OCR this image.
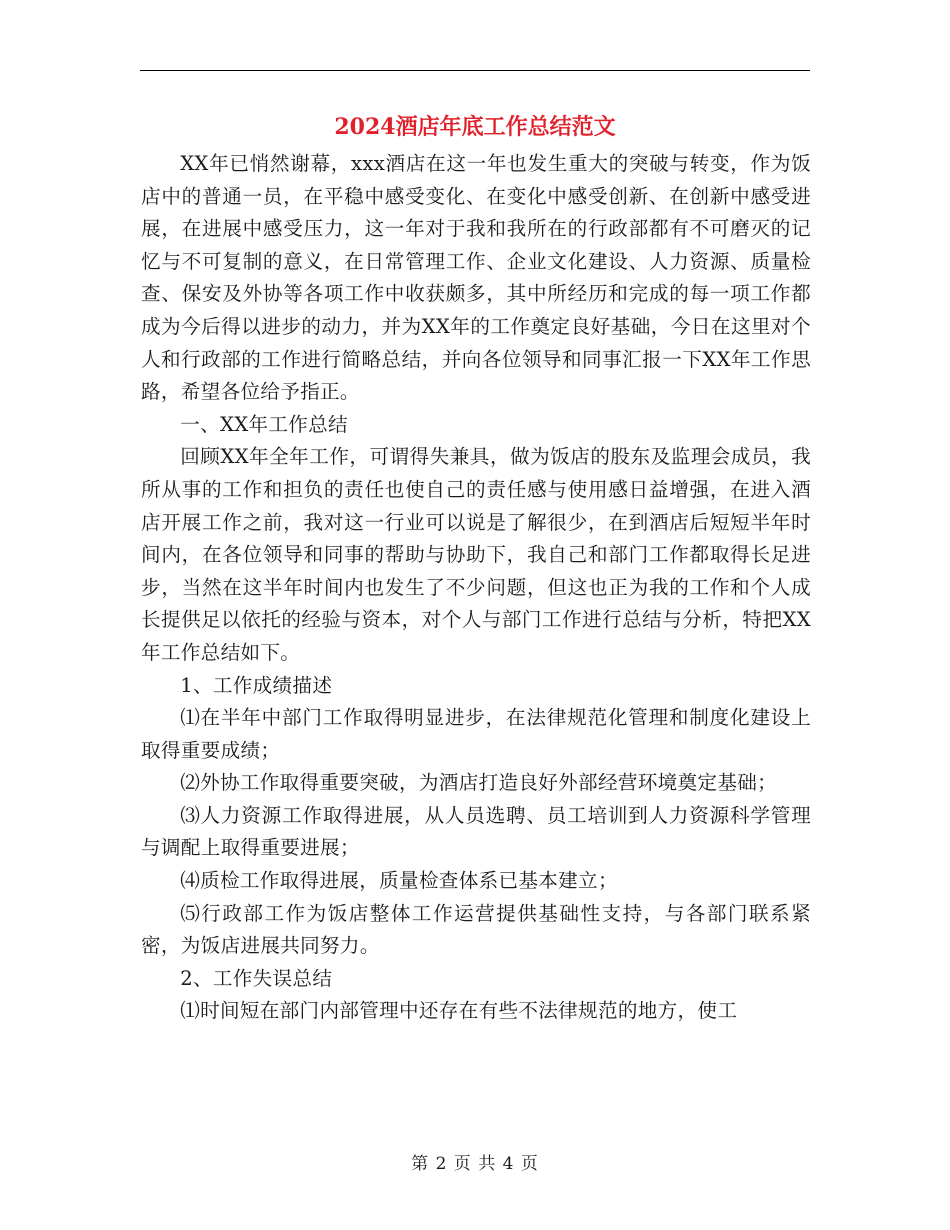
2024酒店年底工作总结范文

XX年已悄然谢幕，xxx酒店在这一年也发生重大的突破与转变，作为饭店中的普通一员，在平稳中感受变化、在变化中感受创新、在创新中感受进展，在进展中感受压力，这一年对于我和我所在的行政部都有不可磨灭的记忆与不可复制的意义，在日常管理工作、企业文化建设、人力资源、质量检查、保安及外协等各项工作中收获颇多，其中所经历和完成的每一项工作都成为今后得以进步的动力，并为XX年的工作奠定良好基础，今日在这里对个人和行政部的工作进行简略总结，并向各位领导和同事汇报一下XX年工作思路，希望各位给予指正。

一、XX年工作总结

回顾XX年全年工作，可谓得失兼具，做为饭店的股东及监理会成员，我所从事的工作和担负的责任也使自己的责任感与使用感日益增强，在进入酒店开展工作之前，我对这一行业可以说是了解很少，在到酒店后短短半年时间内，在各位领导和同事的帮助与协助下，我自己和部门工作都取得长足进步，当然在这半年时间内也发生了不少问题，但这也正为我的工作和个人成长提供足以依托的经验与资本，对个人与部门工作进行总结与分析，特把XX年工作总结如下。

1、工作成绩描述

⑴在半年中部门工作取得明显进步，在法律规范化管理和制度化建设上取得重要成绩；

⑵外协工作取得重要突破，为酒店打造良好外部经营环境奠定基础；

⑶人力资源工作取得进展，从人员选聘、员工培训到人力资源科学管理与调配上取得重要进展；

⑷质检工作取得进展，质量检查体系已基本建立；

⑸行政部工作为饭店整体工作运营提供基础性支持，与各部门联系紧密，为饭店进展共同努力。

2、工作失误总结

⑴时间短在部门内部管理中还存在有些不法律规范的地方，使工

第 2 页 共 4 页
